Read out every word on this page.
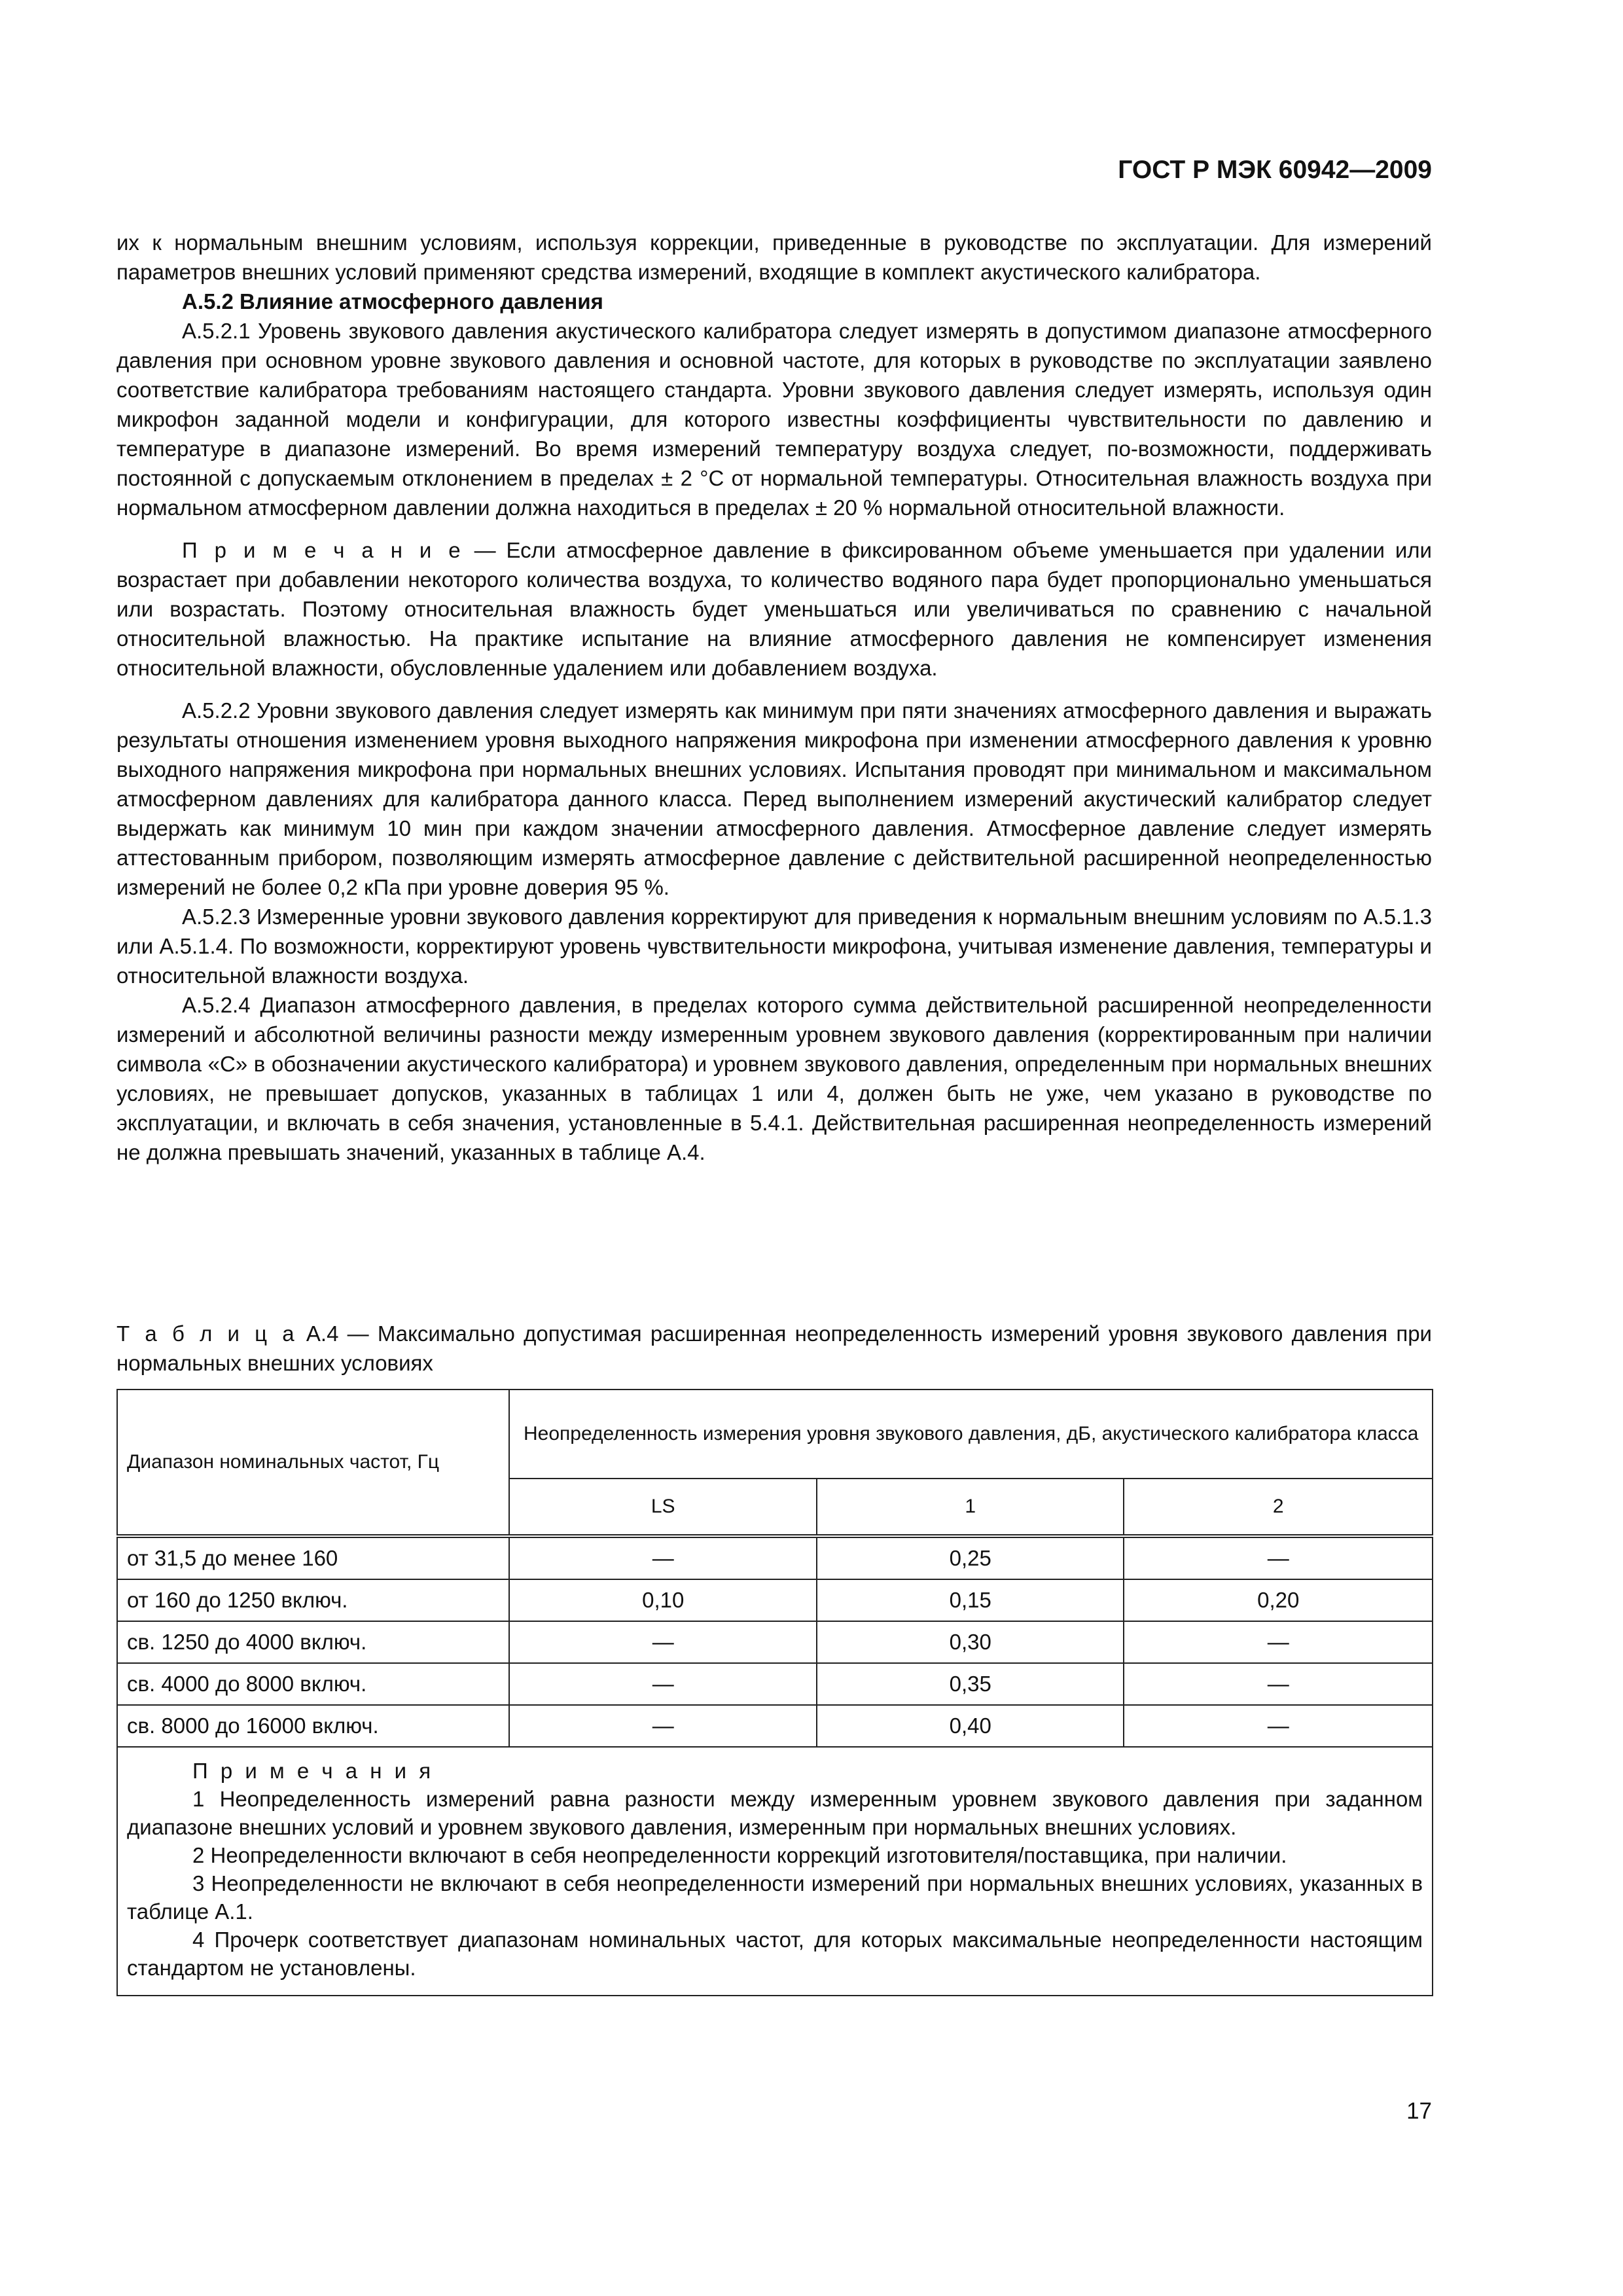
ГОСТ Р МЭК 60942—2009

их к нормальным внешним условиям, используя коррекции, приведенные в руководстве по эксплуатации. Для измерений параметров внешних условий применяют средства измерений, входящие в комплект акустического калибратора.

А.5.2 Влияние атмосферного давления

А.5.2.1 Уровень звукового давления акустического калибратора следует измерять в допустимом диапазоне атмосферного давления при основном уровне звукового давления и основной частоте, для которых в руководстве по эксплуатации заявлено соответствие калибратора требованиям настоящего стандарта. Уровни звукового давления следует измерять, используя один микрофон заданной модели и конфигурации, для которого известны коэффициенты чувствительности по давлению и температуре в диапазоне измерений. Во время измерений температуру воздуха следует, по-возможности, поддерживать постоянной с допускаемым отклонением в пределах ± 2 °С от нормальной температуры. Относительная влажность воздуха при нормальном атмосферном давлении должна находиться в пределах ± 20 % нормальной относительной влажности.

П р и м е ч а н и е — Если атмосферное давление в фиксированном объеме уменьшается при удалении или возрастает при добавлении некоторого количества воздуха, то количество водяного пара будет пропорционально уменьшаться или возрастать. Поэтому относительная влажность будет уменьшаться или увеличиваться по сравнению с начальной относительной влажностью. На практике испытание на влияние атмосферного давления не компенсирует изменения относительной влажности, обусловленные удалением или добавлением воздуха.

А.5.2.2 Уровни звукового давления следует измерять как минимум при пяти значениях атмосферного давления и выражать результаты отношения изменением уровня выходного напряжения микрофона при изменении атмосферного давления к уровню выходного напряжения микрофона при нормальных внешних условиях. Испытания проводят при минимальном и максимальном атмосферном давлениях для калибратора данного класса. Перед выполнением измерений акустический калибратор следует выдержать как минимум 10 мин при каждом значении атмосферного давления. Атмосферное давление следует измерять аттестованным прибором, позволяющим измерять атмосферное давление с действительной расширенной неопределенностью измерений не более 0,2 кПа при уровне доверия 95 %.

А.5.2.3 Измеренные уровни звукового давления корректируют для приведения к нормальным внешним условиям по А.5.1.3 или А.5.1.4. По возможности, корректируют уровень чувствительности микрофона, учитывая изменение давления, температуры и относительной влажности воздуха.

А.5.2.4 Диапазон атмосферного давления, в пределах которого сумма действительной расширенной неопределенности измерений и абсолютной величины разности между измеренным уровнем звукового давления (корректированным при наличии символа «С» в обозначении акустического калибратора) и уровнем звукового давления, определенным при нормальных внешних условиях, не превышает допусков, указанных в таблицах 1 или 4, должен быть не уже, чем указано в руководстве по эксплуатации, и включать в себя значения, установленные в 5.4.1. Действительная расширенная неопределенность измерений не должна превышать значений, указанных в таблице А.4.

Т а б л и ц а А.4 — Максимально допустимая расширенная неопределенность измерений уровня звукового давления при нормальных внешних условиях
Диапазон номинальных частот, Гц	Неопределенность измерения уровня звукового давления, дБ, акустического калибратора класса		
	LS	1	2
от 31,5 до менее 160	—	0,25	—
от 160 до 1250 включ.	0,10	0,15	0,20
св. 1250 до 4000 включ.	—	0,30	—
св. 4000 до 8000 включ.	—	0,35	—
св. 8000 до 16000 включ.	—	0,40	—

П р и м е ч а н и я

1 Неопределенность измерений равна разности между измеренным уровнем звукового давления при заданном диапазоне внешних условий и уровнем звукового давления, измеренным при нормальных внешних условиях.

2 Неопределенности включают в себя неопределенности коррекций изготовителя/поставщика, при наличии.

3 Неопределенности не включают в себя неопределенности измерений при нормальных внешних условиях, указанных в таблице А.1.

4 Прочерк соответствует диапазонам номинальных частот, для которых максимальные неопределенности настоящим стандартом не установлены.			

17
